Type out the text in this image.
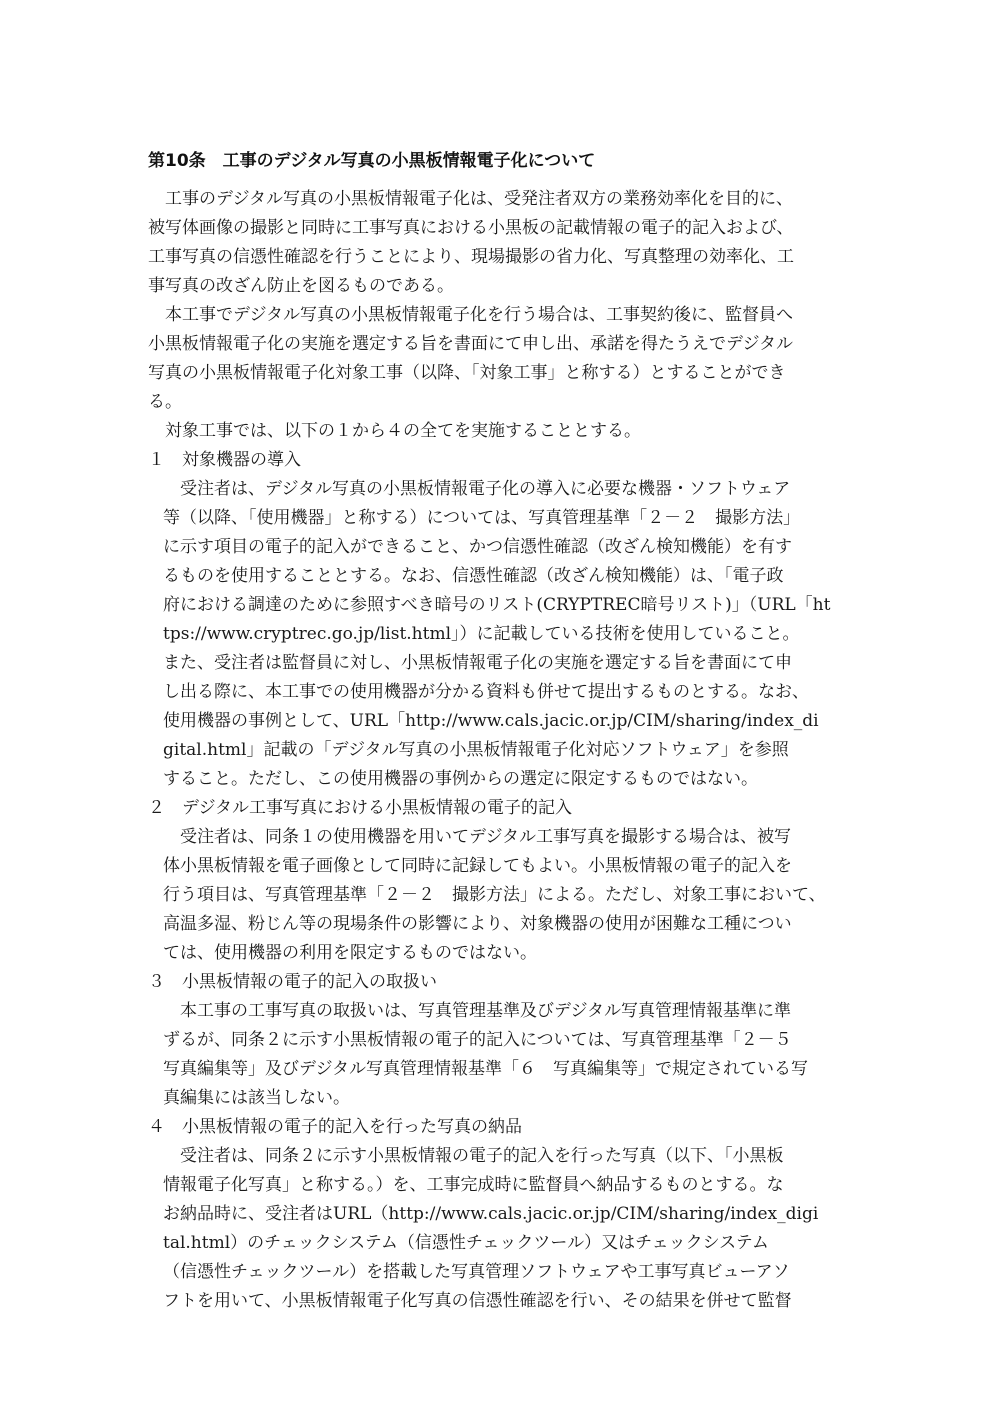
第10条　工事のデジタル写真の小黒板情報電子化について
　工事のデジタル写真の小黒板情報電子化は、受発注者双方の業務効率化を目的に、
被写体画像の撮影と同時に工事写真における小黒板の記載情報の電子的記入および、
工事写真の信憑性確認を行うことにより、現場撮影の省力化、写真整理の効率化、工
事写真の改ざん防止を図るものである。
　本工事でデジタル写真の小黒板情報電子化を行う場合は、工事契約後に、監督員へ
小黒板情報電子化の実施を選定する旨を書面にて申し出、承諾を得たうえでデジタル
写真の小黒板情報電子化対象工事（以降、「対象工事」と称する）とすることができ
る。
　対象工事では、以下の１から４の全てを実施することとする。
１　対象機器の導入
　受注者は、デジタル写真の小黒板情報電子化の導入に必要な機器・ソフトウェア
等（以降、「使用機器」と称する）については、写真管理基準「２－２　撮影方法」
に示す項目の電子的記入ができること、かつ信憑性確認（改ざん検知機能）を有す
るものを使用することとする。なお、信憑性確認（改ざん検知機能）は、「電子政
府における調達のために参照すべき暗号のリスト(CRYPTREC暗号リスト)」（URL「ht
tps://www.cryptrec.go.jp/list.html」）に記載している技術を使用していること。
また、受注者は監督員に対し、小黒板情報電子化の実施を選定する旨を書面にて申
し出る際に、本工事での使用機器が分かる資料も併せて提出するものとする。なお、
使用機器の事例として、URL「http://www.cals.jacic.or.jp/CIM/sharing/index_di
gital.html」記載の「デジタル写真の小黒板情報電子化対応ソフトウェア」を参照
すること。ただし、この使用機器の事例からの選定に限定するものではない。
２　デジタル工事写真における小黒板情報の電子的記入
　受注者は、同条１の使用機器を用いてデジタル工事写真を撮影する場合は、被写
体小黒板情報を電子画像として同時に記録してもよい。小黒板情報の電子的記入を
行う項目は、写真管理基準「２－２　撮影方法」による。ただし、対象工事において、
高温多湿、粉じん等の現場条件の影響により、対象機器の使用が困難な工種につい
ては、使用機器の利用を限定するものではない。
３　小黒板情報の電子的記入の取扱い
　本工事の工事写真の取扱いは、写真管理基準及びデジタル写真管理情報基準に準
ずるが、同条２に示す小黒板情報の電子的記入については、写真管理基準「２－５
写真編集等」及びデジタル写真管理情報基準「６　写真編集等」で規定されている写
真編集には該当しない。
４　小黒板情報の電子的記入を行った写真の納品
　受注者は、同条２に示す小黒板情報の電子的記入を行った写真（以下、「小黒板
情報電子化写真」と称する。）を、工事完成時に監督員へ納品するものとする。な
お納品時に、受注者はURL（http://www.cals.jacic.or.jp/CIM/sharing/index_digi
tal.html）のチェックシステム（信憑性チェックツール）又はチェックシステム
（信憑性チェックツール）を搭載した写真管理ソフトウェアや工事写真ビューアソ
フトを用いて、小黒板情報電子化写真の信憑性確認を行い、その結果を併せて監督
